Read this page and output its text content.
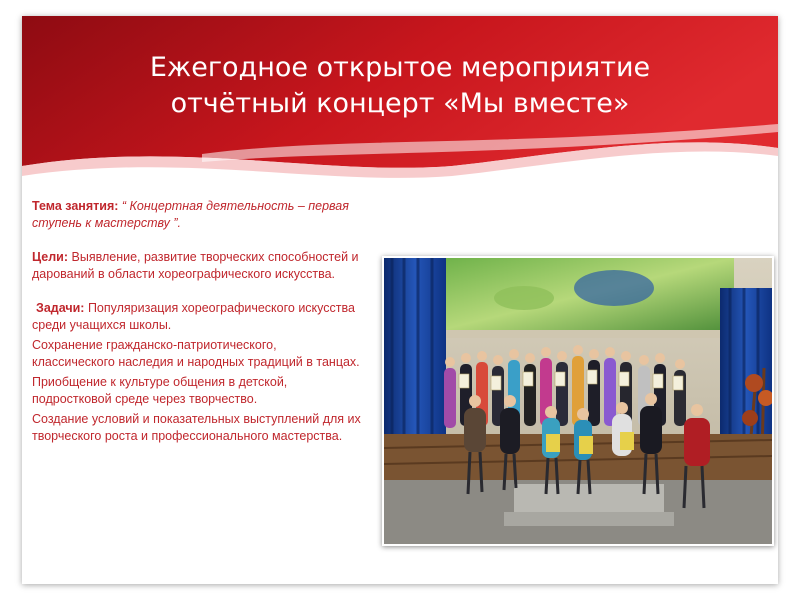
Ежегодное открытое мероприятие
отчётный концерт «Мы вместе»

Тема занятия: “ Концертная деятельность – первая ступень к мастерству ”.

Цели: Выявление, развитие творческих способностей и дарований в области хореографического искусства.

Задачи: Популяризация хореографического искусства среди учащихся школы.

Сохранение гражданско-патриотического, классического наследия и народных традиций в танцах.

Приобщение к культуре общения в детской, подростковой среде через творчество.

Создание условий и показательных выступлений для их творческого роста и профессионального мастерства.
